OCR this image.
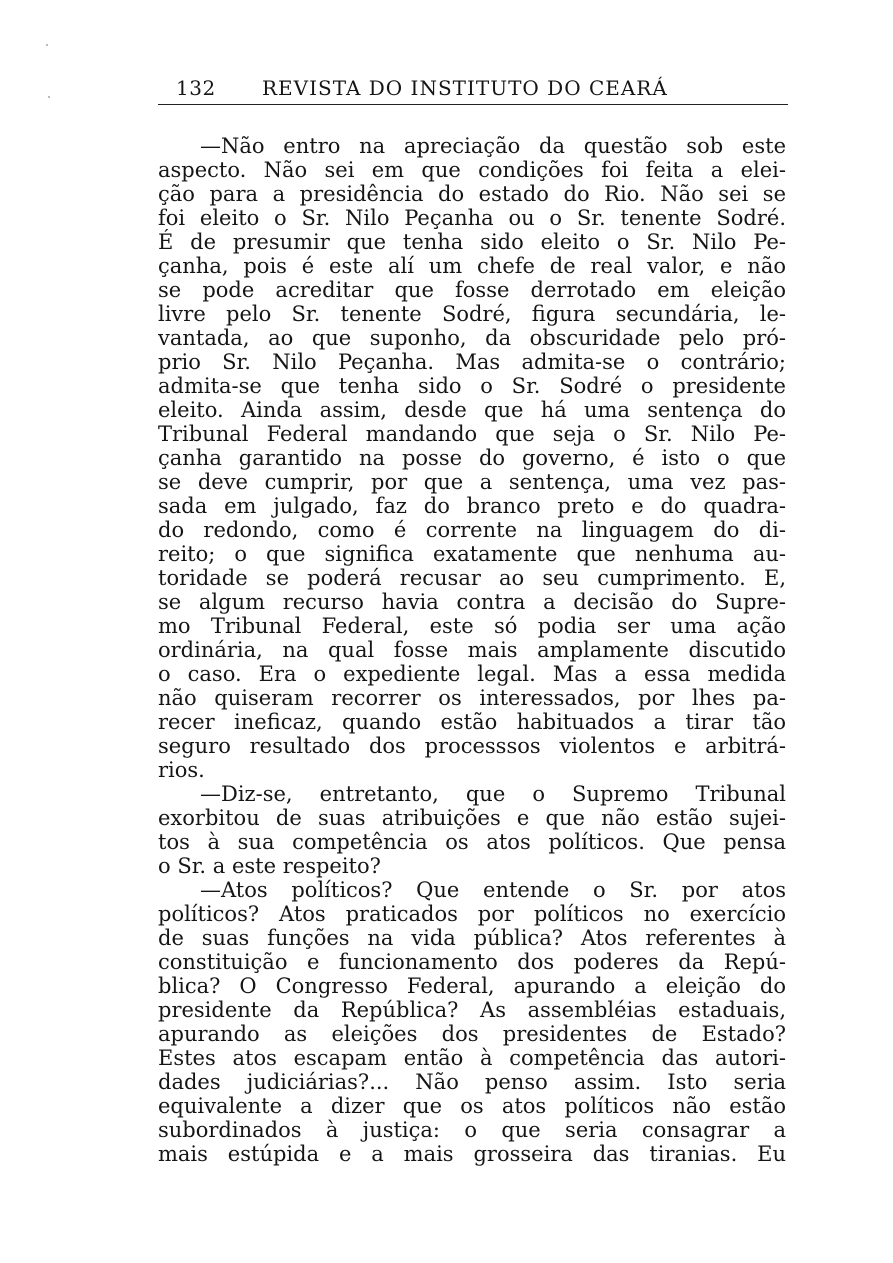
132 REVISTA DO INSTITUTO DO CEARÁ
—Não entro na apreciação da questão sob este
aspecto. Não sei em que condições foi feita a elei-
ção para a presidência do estado do Rio. Não sei se
foi eleito o Sr. Nilo Peçanha ou o Sr. tenente Sodré.
É de presumir que tenha sido eleito o Sr. Nilo Pe-
çanha, pois é este alí um chefe de real valor, e não
se pode acreditar que fosse derrotado em eleição
livre pelo Sr. tenente Sodré, figura secundária, le-
vantada, ao que suponho, da obscuridade pelo pró-
prio Sr. Nilo Peçanha. Mas admita-se o contrário;
admita-se que tenha sido o Sr. Sodré o presidente
eleito. Ainda assim, desde que há uma sentença do
Tribunal Federal mandando que seja o Sr. Nilo Pe-
çanha garantido na posse do governo, é isto o que
se deve cumprir, por que a sentença, uma vez pas-
sada em julgado, faz do branco preto e do quadra-
do redondo, como é corrente na linguagem do di-
reito; o que significa exatamente que nenhuma au-
toridade se poderá recusar ao seu cumprimento. E,
se algum recurso havia contra a decisão do Supre-
mo Tribunal Federal, este só podia ser uma ação
ordinária, na qual fosse mais amplamente discutido
o caso. Era o expediente legal. Mas a essa medida
não quiseram recorrer os interessados, por lhes pa-
recer ineficaz, quando estão habituados a tirar tão
seguro resultado dos processsos violentos e arbitrá-
rios.
—Diz-se, entretanto, que o Supremo Tribunal
exorbitou de suas atribuições e que não estão sujei-
tos à sua competência os atos políticos. Que pensa
o Sr. a este respeito?
—Atos políticos? Que entende o Sr. por atos
políticos? Atos praticados por políticos no exercício
de suas funções na vida pública? Atos referentes à
constituição e funcionamento dos poderes da Repú-
blica? O Congresso Federal, apurando a eleição do
presidente da República? As assembléias estaduais,
apurando as eleições dos presidentes de Estado?
Estes atos escapam então à competência das autori-
dades judiciárias?... Não penso assim. Isto seria
equivalente a dizer que os atos políticos não estão
subordinados à justiça: o que seria consagrar a
mais estúpida e a mais grosseira das tiranias. Eu
